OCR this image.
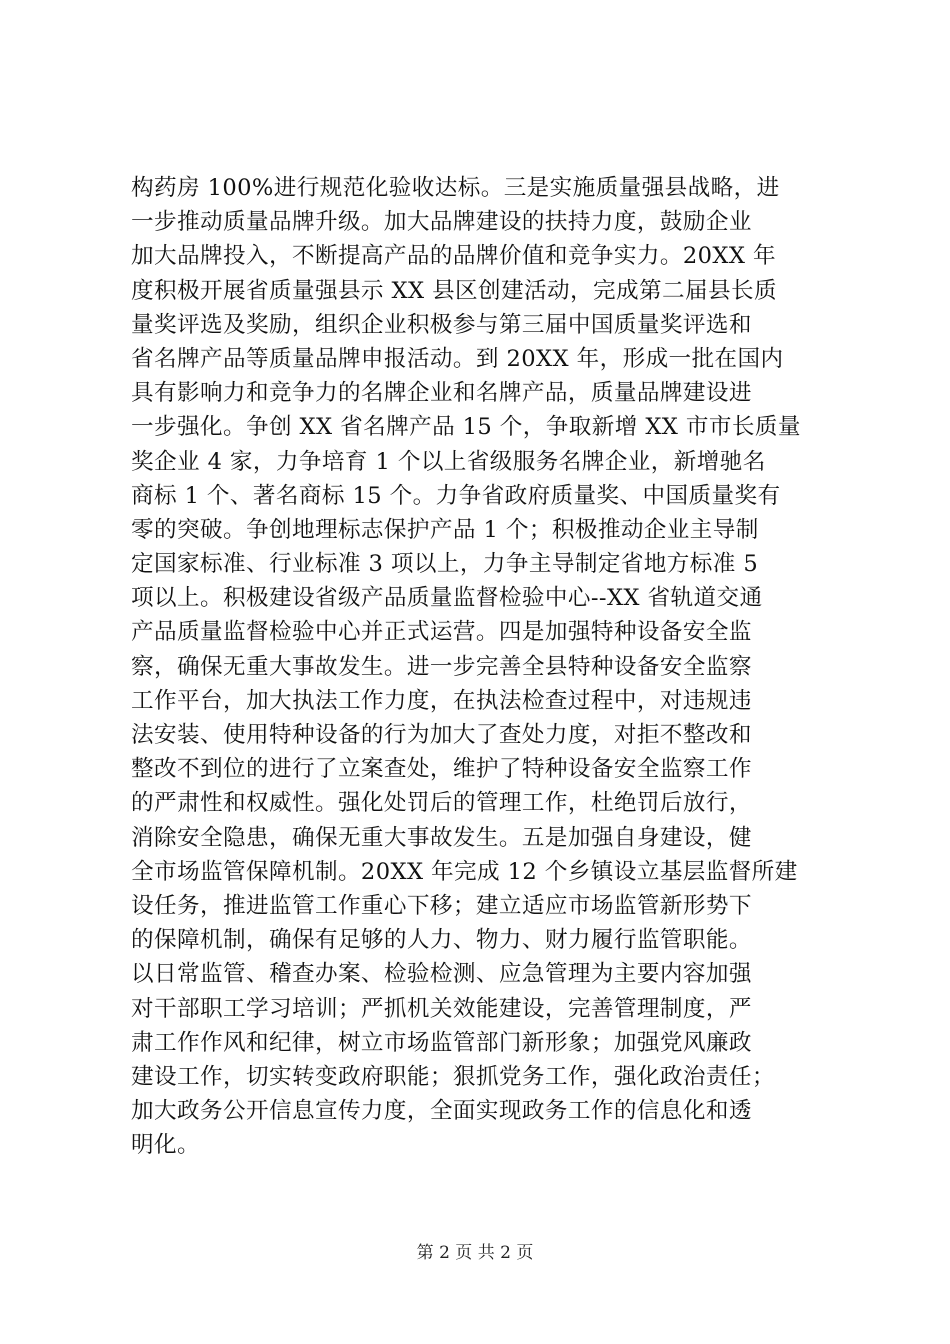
构药房 100%进行规范化验收达标。三是实施质量强县战略，进
一步推动质量品牌升级。加大品牌建设的扶持力度，鼓励企业
加大品牌投入，不断提高产品的品牌价值和竞争实力。20XX 年
度积极开展省质量强县示 XX 县区创建活动，完成第二届县长质
量奖评选及奖励，组织企业积极参与第三届中国质量奖评选和
省名牌产品等质量品牌申报活动。到 20XX 年，形成一批在国内
具有影响力和竞争力的名牌企业和名牌产品，质量品牌建设进
一步强化。争创 XX 省名牌产品 15 个，争取新增 XX 市市长质量
奖企业 4 家，力争培育 1 个以上省级服务名牌企业，新增驰名
商标 1 个、著名商标 15 个。力争省政府质量奖、中国质量奖有
零的突破。争创地理标志保护产品 1 个；积极推动企业主导制
定国家标准、行业标准 3 项以上，力争主导制定省地方标准 5
项以上。积极建设省级产品质量监督检验中心--XX 省轨道交通
产品质量监督检验中心并正式运营。四是加强特种设备安全监
察，确保无重大事故发生。进一步完善全县特种设备安全监察
工作平台，加大执法工作力度，在执法检查过程中，对违规违
法安装、使用特种设备的行为加大了查处力度，对拒不整改和
整改不到位的进行了立案查处，维护了特种设备安全监察工作
的严肃性和权威性。强化处罚后的管理工作，杜绝罚后放行，
消除安全隐患，确保无重大事故发生。五是加强自身建设，健
全市场监管保障机制。20XX 年完成 12 个乡镇设立基层监督所建
设任务，推进监管工作重心下移；建立适应市场监管新形势下
的保障机制，确保有足够的人力、物力、财力履行监管职能。
以日常监管、稽查办案、检验检测、应急管理为主要内容加强
对干部职工学习培训；严抓机关效能建设，完善管理制度，严
肃工作作风和纪律，树立市场监管部门新形象；加强党风廉政
建设工作，切实转变政府职能；狠抓党务工作，强化政治责任；
加大政务公开信息宣传力度，全面实现政务工作的信息化和透
明化。
第 2 页 共 2 页
